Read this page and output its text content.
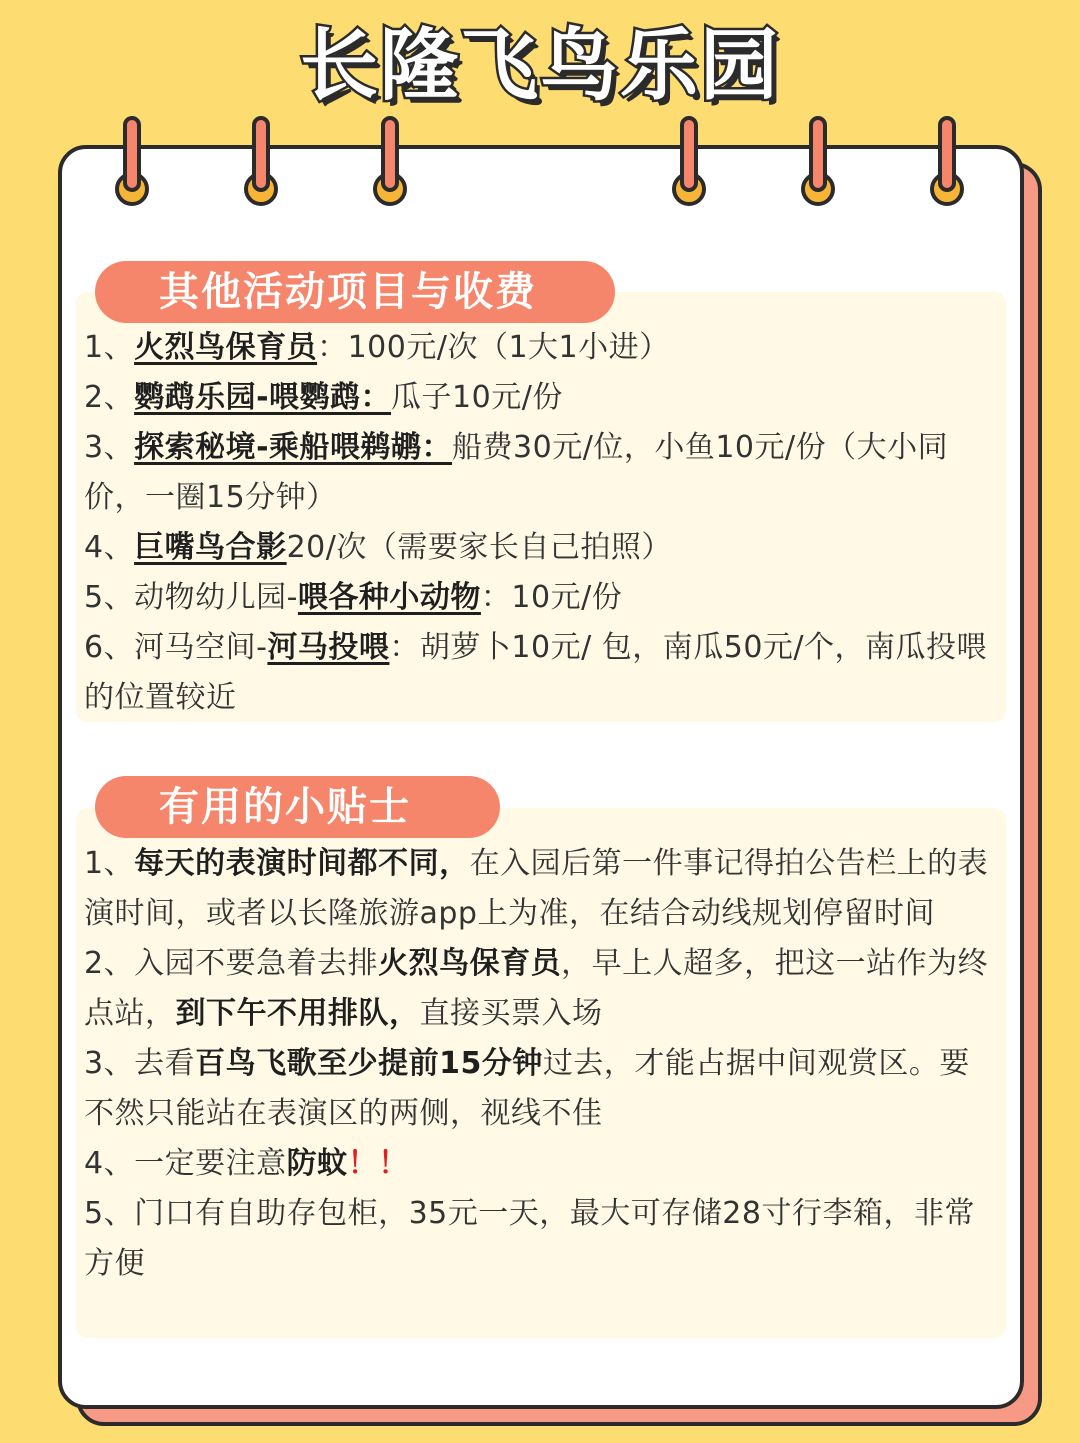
长隆飞鸟乐园
其他活动项目与收费

1、火烈鸟保育员：100元/次（1大1小进）

2、鹦鹉乐园-喂鹦鹉：瓜子10元/份

3、探索秘境-乘船喂鹈鹕：船费30元/位，小鱼10元/份（大小同价，一圈15分钟）

4、巨嘴鸟合影20/次（需要家长自己拍照）

5、动物幼儿园-喂各种小动物：10元/份

6、河马空间-河马投喂：胡萝卜10元/ 包，南瓜50元/个，南瓜投喂的位置较近

有用的小贴士

1、每天的表演时间都不同，在入园后第一件事记得拍公告栏上的表演时间，或者以长隆旅游app上为准，在结合动线规划停留时间

2、入园不要急着去排火烈鸟保育员，早上人超多，把这一站作为终点站，到下午不用排队，直接买票入场

3、去看百鸟飞歌至少提前15分钟过去，才能占据中间观赏区。要不然只能站在表演区的两侧，视线不佳

4、一定要注意防蚊！！

5、门口有自助存包柜，35元一天，最大可存储28寸行李箱，非常方便
